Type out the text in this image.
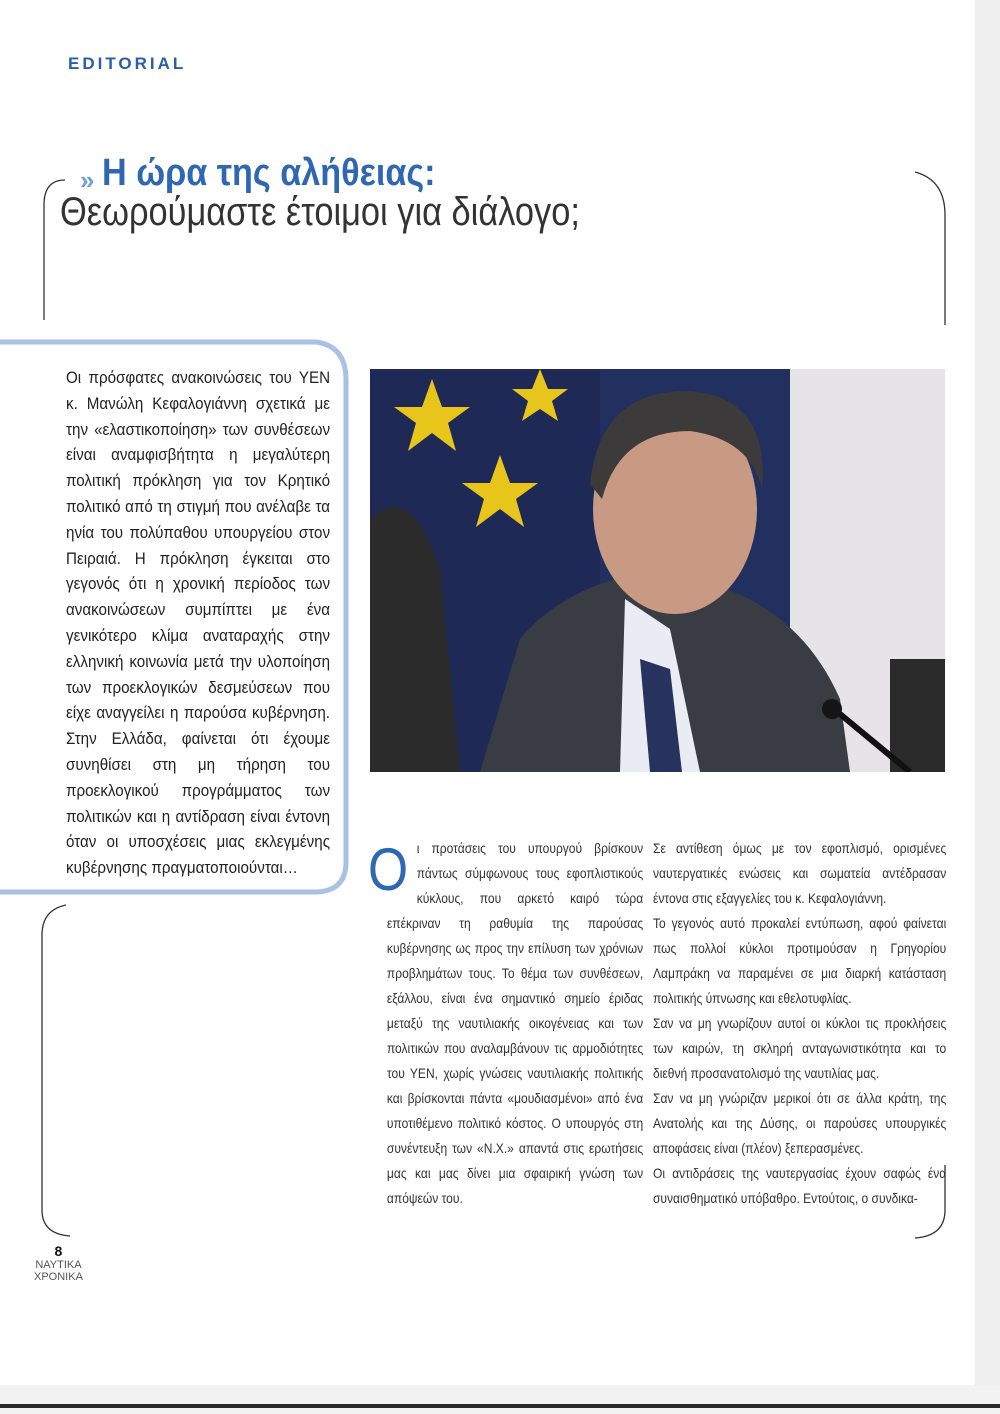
EDITORIAL
» Η ώρα της αλήθειας:
Θεωρούμαστε έτοιμοι για διάλογο;
Οι πρόσφατες ανακοινώσεις του ΥΕΝ κ. Μανώλη Κεφαλογιάννη σχετικά με την «ελαστικοποίηση» των συνθέσεων είναι αναμφισβήτητα η μεγαλύτερη πολιτική πρόκληση για τον Κρητικό πολιτικό από τη στιγμή που ανέλαβε τα ηνία του πολύπαθου υπουργείου στον Πειραιά. Η πρόκληση έγκειται στο γεγονός ότι η χρονική περίοδος των ανακοινώσεων συμπίπτει με ένα γενικότερο κλίμα αναταραχής στην ελληνική κοινωνία μετά την υλοποίηση των προεκλογικών δεσμεύσεων που είχε αναγγείλει η παρούσα κυβέρνηση. Στην Ελλάδα, φαίνεται ότι έχουμε συνηθίσει στη μη τήρηση του προεκλογικού προγράμματος των πολιτικών και η αντίδραση είναι έντονη όταν οι υποσχέσεις μιας εκλεγμένης κυβέρνησης πραγματοποιούνται…	O ι προτάσεις του υπουργού βρίσκουν πάντως σύμφωνους τους εφοπλιστικούς κύκλους, που αρκετό καιρό τώρα επέκριναν τη ραθυμία της παρούσας κυβέρνησης ως προς την επίλυση των χρόνιων προβλημάτων τους. Το θέμα των συνθέσεων, εξάλλου, είναι ένα σημαντικό σημείο έριδας μεταξύ της ναυτιλιακής οικογένειας και των πολιτικών που αναλαμβάνουν τις αρμοδιότητες του ΥΕΝ, χωρίς γνώσεις ναυτιλιακής πολιτικής και βρίσκονται πάντα «μουδιασμένοι» από ένα υποτιθέμενο πολιτικό κόστος. Ο υπουργός στη συνέντευξη των «Ν.Χ.» απαντά στις ερωτήσεις μας και μας δίνει μια σφαιρική γνώση των απόψεών του.

Σε αντίθεση όμως με τον εφοπλισμό, ορισμένες ναυτεργατικές ενώσεις και σωματεία αντέδρασαν έντονα στις εξαγγελίες του κ. Κεφαλογιάννη.

Το γεγονός αυτό προκαλεί εντύπωση, αφού φαίνεται πως πολλοί κύκλοι προτιμούσαν η Γρηγορίου Λαμπράκη να παραμένει σε μια διαρκή κατάσταση πολιτικής ύπνωσης και εθελοτυφλίας.

Σαν να μη γνωρίζουν αυτοί οι κύκλοι τις προκλήσεις των καιρών, τη σκληρή ανταγωνιστικότητα και το διεθνή προσανατολισμό της ναυτιλίας μας.

Σαν να μη γνώριζαν μερικοί ότι σε άλλα κράτη, της Ανατολής και της Δύσης, οι παρούσες υπουργικές αποφάσεις είναι (πλέον) ξεπερασμένες.

Οι αντιδράσεις της ναυτεργασίας έχουν σαφώς ένα συναισθηματικό υπόβαθρο. Εντούτοις, ο συνδικα-

8
ΝΑΥΤΙΚΑ
ΧΡΟΝΙΚΑ
